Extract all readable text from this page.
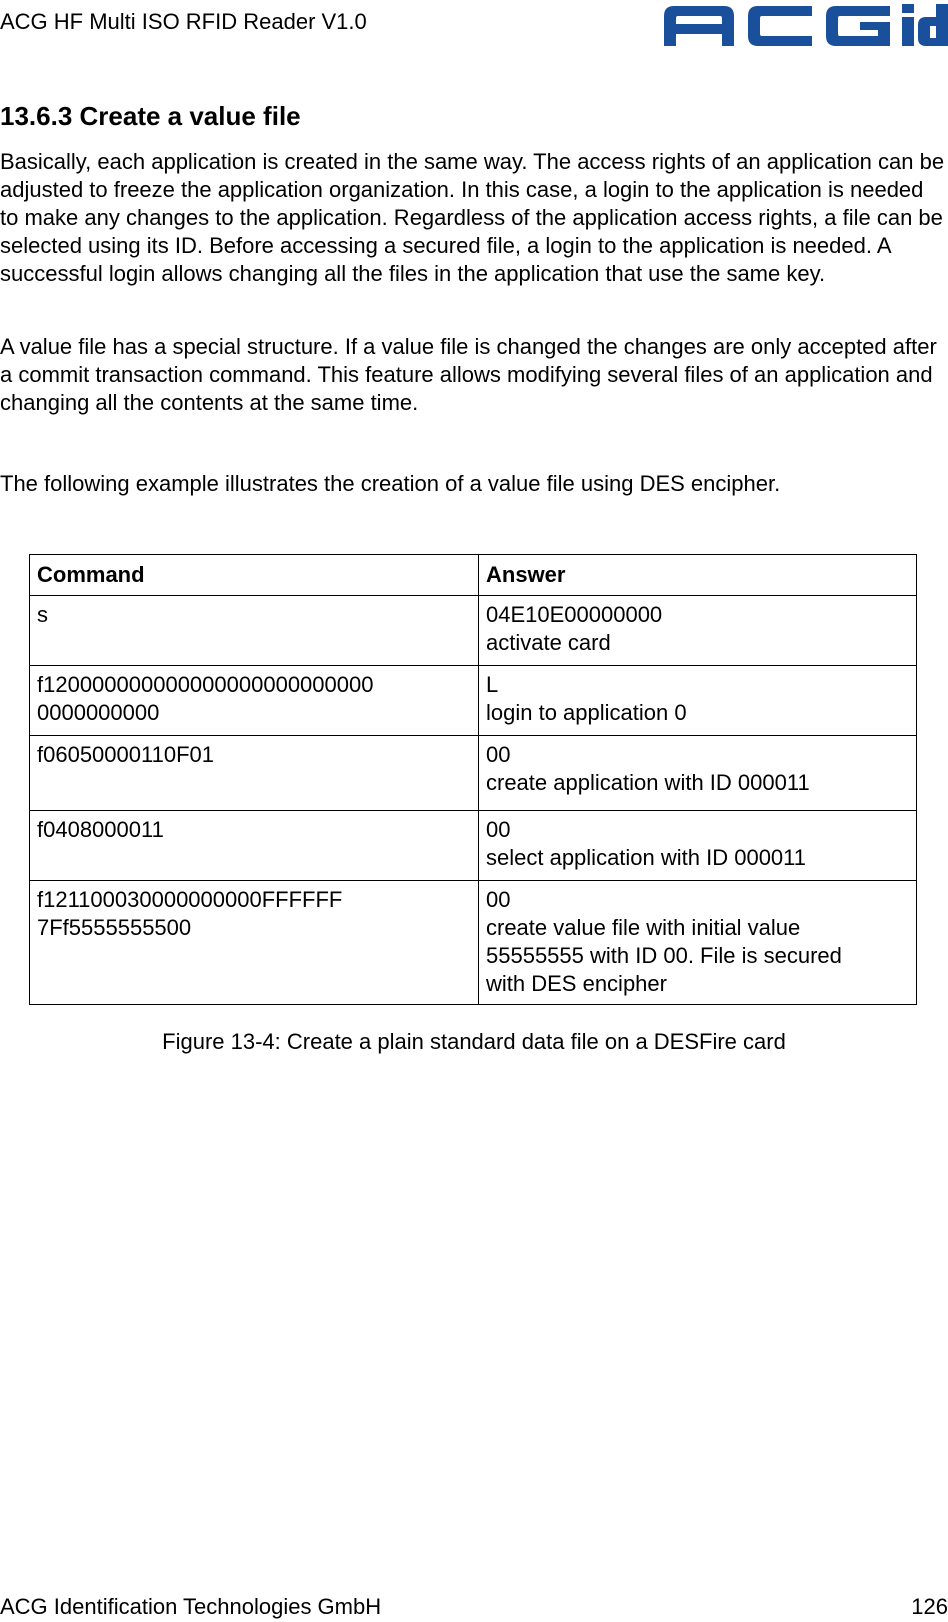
ACG HF Multi ISO RFID Reader V1.0
13.6.3 Create a value file
Basically, each application is created in the same way. The access rights of an application can be adjusted to freeze the application organization. In this case, a login to the application is needed to make any changes to the application. Regardless of the application access rights, a file can be selected using its ID. Before accessing a secured file, a login to the application is needed. A successful login allows changing all the files in the application that use the same key.
A value file has a special structure. If a value file is changed the changes are only accepted after a commit transaction command. This feature allows modifying several files of an application and changing all the contents at the same time.
The following example illustrates the creation of a value file using DES encipher.
Command	Answer

s	04E10E00000000
activate card

f120000000000000000000000000
0000000000	L
login to application 0

f06050000110F01	00
create application with ID 000011

f0408000011	00
select application with ID 000011

f121100030000000000FFFFFF
7Ff5555555500	00
create value file with initial value
55555555 with ID 00. File is secured
with DES encipher
Figure 13-4: Create a plain standard data file on a DESFire card
ACG Identification Technologies GmbH	126
